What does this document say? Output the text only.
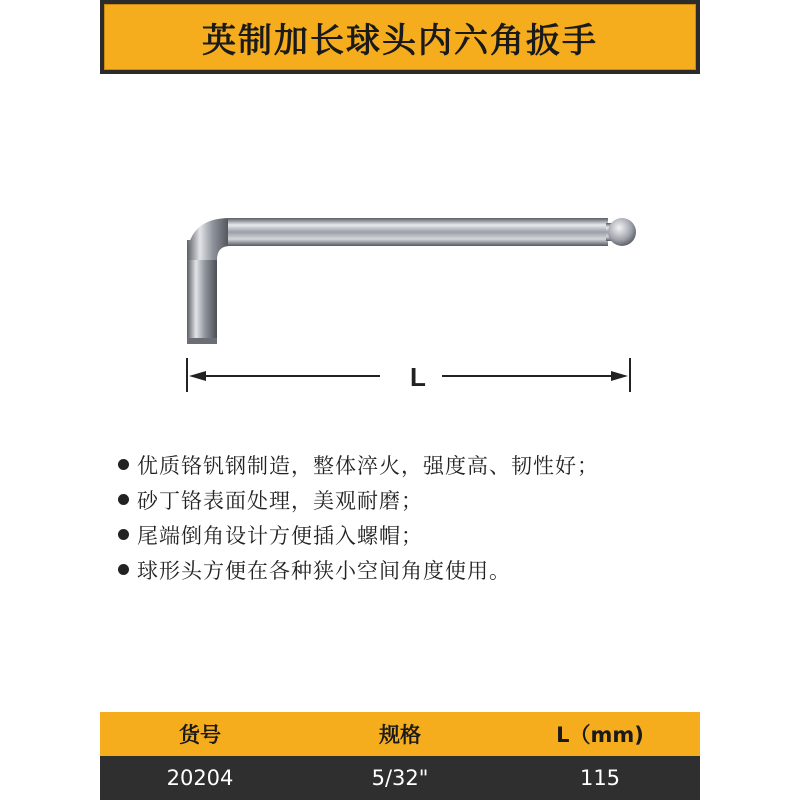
英制加长球头内六角扳手
L
优质铬钒钢制造，整体淬火，强度高、韧性好；
砂丁铬表面处理，美观耐磨；
尾端倒角设计方便插入螺帽；
球形头方便在各种狭小空间角度使用。
货号	规格	L（mm)
20204	5/32"	115
